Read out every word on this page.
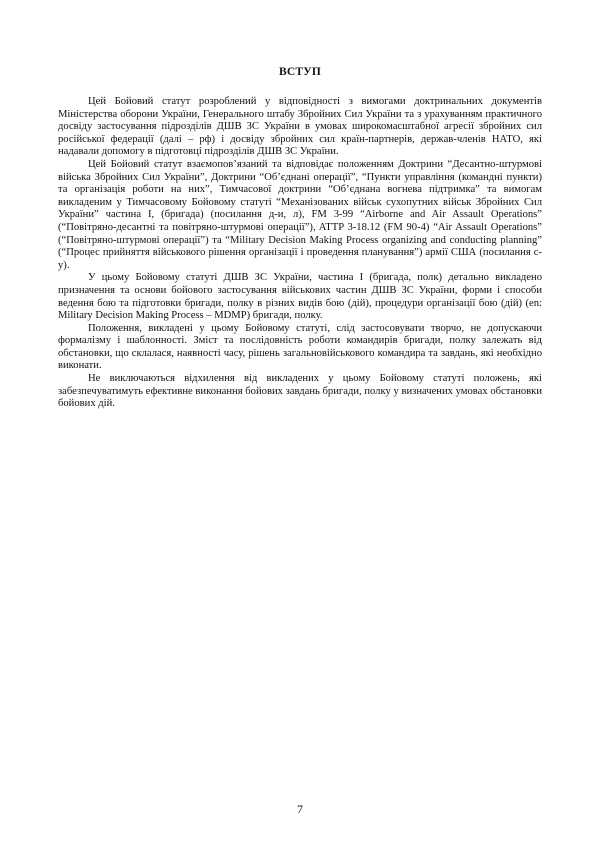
ВСТУП

Цей Бойовий статут розроблений у відповідності з вимогами доктринальних документів Міністерства оборони України, Генерального штабу Збройних Сил України та з урахуванням практичного досвіду застосування підрозділів ДШВ ЗС України в умовах широкомасштабної агресії збройних сил російської федерації (далі – рф) і досвіду збройних сил країн-партнерів, держав-членів НАТО, які надавали допомогу в підготовці підрозділів ДШВ ЗС України.

Цей Бойовий статут взаємопов’язаний та відповідає положенням Доктрини “Десантно-штурмові війська Збройних Сил України”, Доктрини “Об’єднані операції”, “Пункти управління (командні пункти) та організація роботи на них”, Тимчасової доктрини “Об’єднана вогнева підтримка” та вимогам викладеним у Тимчасовому Бойовому статуті “Механізованих військ сухопутних військ Збройних Сил України” частина I, (бригада) (посилання д-и, л), FM 3-99 “Airborne and Air Assault Operations” (“Повітряно-десантні та повітряно-штурмові операції”), ATTP 3-18.12 (FM 90-4) “Air Assault Operations” (“Повітряно-штурмові операції”) та “Military Decision Making Process organizing and conducting planning” (“Процес прийняття військового рішення організації і проведення планування”) армії США (посилання с-у).

У цьому Бойовому статуті ДШВ ЗС України, частина I (бригада, полк) детально викладено призначення та основи бойового застосування військових частин ДШВ ЗС України, форми і способи ведення бою та підготовки бригади, полку в різних видів бою (дій), процедури організації бою (дій) (en: Military Decision Making Process – MDMP) бригади, полку.

Положення, викладені у цьому Бойовому статуті, слід застосовувати творчо, не допускаючи формалізму і шаблонності. Зміст та послідовність роботи командирів бригади, полку залежать від обстановки, що склалася, наявності часу, рішень загальновійськового командира та завдань, які необхідно виконати.

Не виключаються відхилення від викладених у цьому Бойовому статуті положень, які забезпечуватимуть ефективне виконання бойових завдань бригади, полку у визначених умовах обстановки бойових дій.

7
